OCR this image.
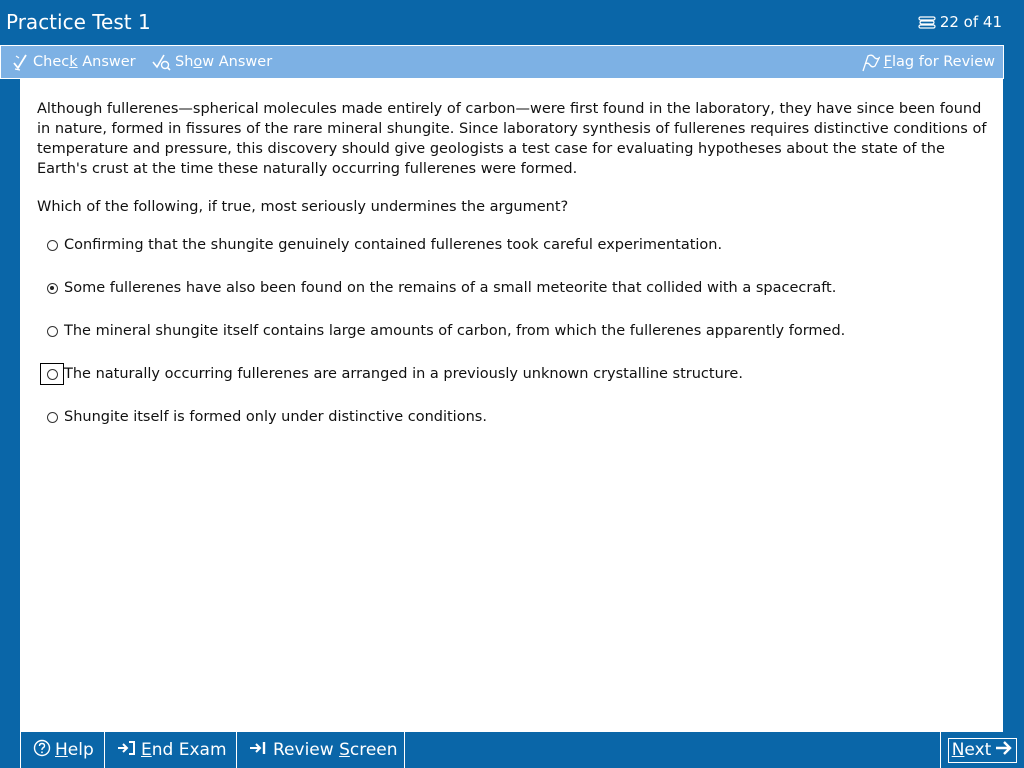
Practice Test 1	22 of 41
Check Answer	Show Answer	Flag for Review

Although fullerenes—spherical molecules made entirely of carbon—were first found in the laboratory, they have since been found in nature, formed in fissures of the rare mineral shungite. Since laboratory synthesis of fullerenes requires distinctive conditions of temperature and pressure, this discovery should give geologists a test case for evaluating hypotheses about the state of the Earth's crust at the time these naturally occurring fullerenes were formed.

Which of the following, if true, most seriously undermines the argument?

Confirming that the shungite genuinely contained fullerenes took careful experimentation.
Some fullerenes have also been found on the remains of a small meteorite that collided with a spacecraft.
The mineral shungite itself contains large amounts of carbon, from which the fullerenes apparently formed.
The naturally occurring fullerenes are arranged in a previously unknown crystalline structure.
Shungite itself is formed only under distinctive conditions.
Help	End Exam	Review Screen	Next
